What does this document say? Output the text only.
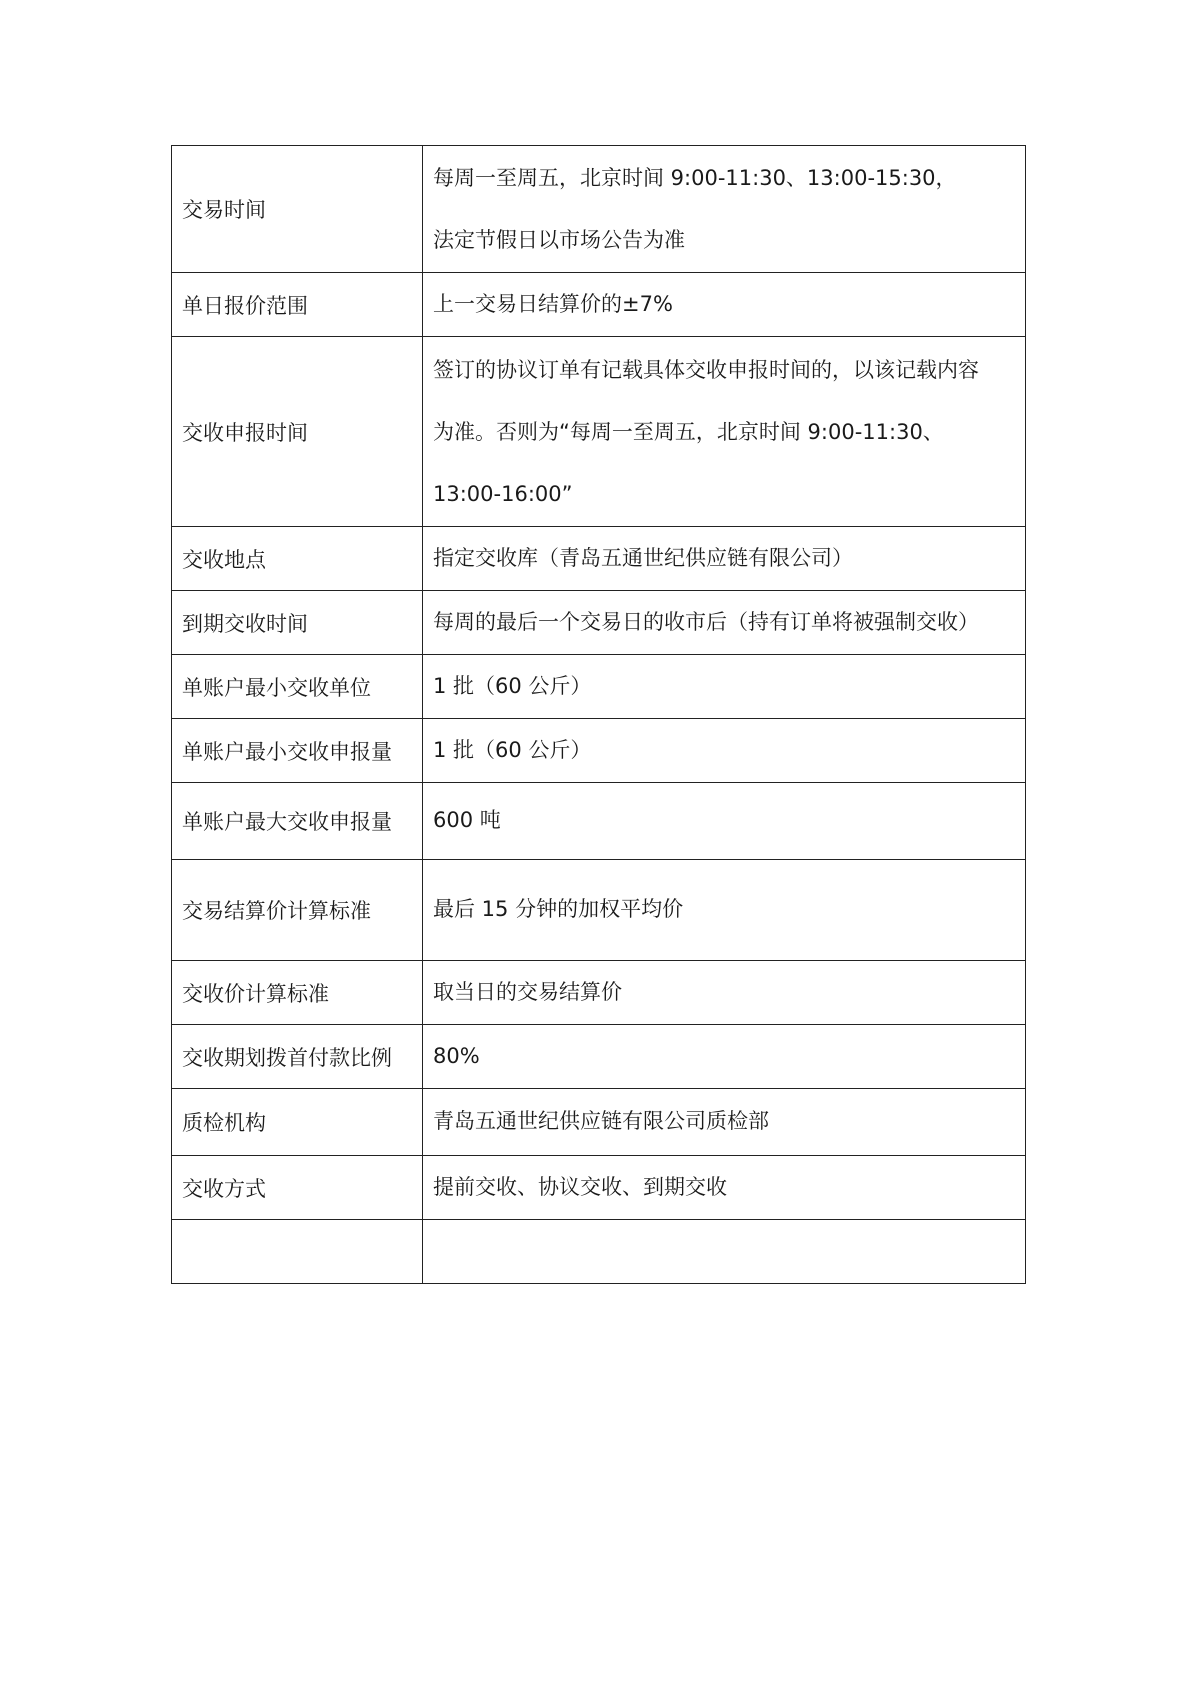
交易时间	每周一至周五，北京时间 9:00-11:30、13:00-15:30，
法定节假日以市场公告为准

单日报价范围	上一交易日结算价的±7%

交收申报时间	签订的协议订单有记载具体交收申报时间的，以该记载内容
为准。否则为“每周一至周五，北京时间 9:00-11:30、
13:00-16:00”

交收地点	指定交收库（青岛五通世纪供应链有限公司）

到期交收时间	每周的最后一个交易日的收市后（持有订单将被强制交收）

单账户最小交收单位	1 批（60 公斤）

单账户最小交收申报量	1 批（60 公斤）

单账户最大交收申报量	600 吨

交易结算价计算标准	最后 15 分钟的加权平均价

交收价计算标准	取当日的交易结算价

交收期划拨首付款比例	80%

质检机构	青岛五通世纪供应链有限公司质检部

交收方式	提前交收、协议交收、到期交收
